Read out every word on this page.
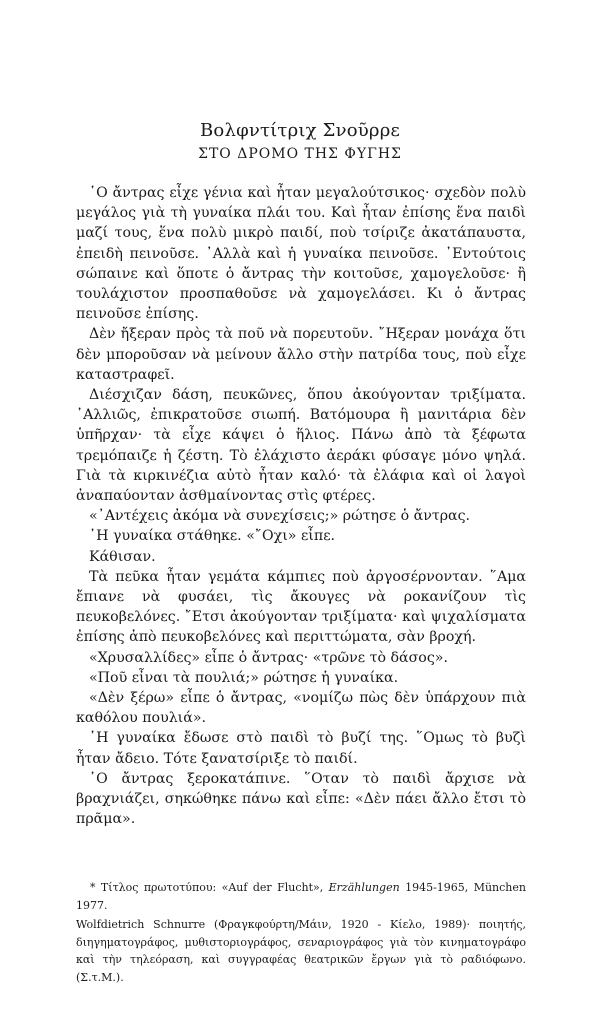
Βολφντίτριχ Σνοῦρρε
ΣΤΟ ΔΡΟΜΟ ΤΗΣ ΦΥΓΗΣ

῾Ο ἄντρας εἶχε γένια καὶ ἦταν μεγαλούτσικος· σχεδὸν πολὺ μεγάλος γιὰ τὴ γυναίκα πλάι του. Καὶ ἦταν ἐπίσης ἕνα παιδὶ μαζί τους, ἕνα πολὺ μικρὸ παιδί, ποὺ τσίριζε ἀκατάπαυστα, ἐπειδὴ πεινοῦσε. ᾿Αλλὰ καὶ ἡ γυναίκα πεινοῦσε. ᾿Εντούτοις σώπαινε καὶ ὅποτε ὁ ἄντρας τὴν κοιτοῦσε, χαμογελοῦσε· ἢ τουλάχιστον προσπαθοῦσε νὰ χαμογελάσει. Κι ὁ ἄντρας πεινοῦσε ἐπίσης.

Δὲν ἤξεραν πρὸς τὰ ποῦ νὰ πορευτοῦν. ῎Ηξεραν μονάχα ὅτι δὲν μποροῦσαν νὰ μείνουν ἄλλο στὴν πατρίδα τους, ποὺ εἶχε καταστραφεῖ.

Διέσχιζαν δάση, πευκῶνες, ὅπου ἀκούγονταν τριξίματα. ᾿Αλλιῶς, ἐπικρατοῦσε σιωπή. Βατόμουρα ἢ μανιτάρια δὲν ὑπῆρχαν· τὰ εἶχε κάψει ὁ ἥλιος. Πάνω ἀπὸ τὰ ξέφωτα τρεμόπαιζε ἡ ζέστη. Τὸ ἐλάχιστο ἀεράκι φύσαγε μόνο ψηλά. Γιὰ τὰ κιρκινέζια αὐτὸ ἦταν καλό· τὰ ἐλάφια καὶ οἱ λαγοὶ ἀναπαύονταν ἀσθμαίνοντας στὶς φτέρες.

«᾿Αντέχεις ἀκόμα νὰ συνεχίσεις;» ρώτησε ὁ ἄντρας.

῾Η γυναίκα στάθηκε. «῎Οχι» εἶπε.

Κάθισαν.

Τὰ πεῦκα ἦταν γεμάτα κάμπιες ποὺ ἀργοσέρνονταν. ῞Αμα ἔπιανε νὰ φυσάει, τὶς ἄκουγες νὰ ροκανίζουν τὶς πευκοβελόνες. ῎Ετσι ἀκούγονταν τριξίματα· καὶ ψιχαλίσματα ἐπίσης ἀπὸ πευκοβελόνες καὶ περιττώματα, σὰν βροχή.

«Χρυσαλλίδες» εἶπε ὁ ἄντρας· «τρῶνε τὸ δάσος».

«Ποῦ εἶναι τὰ πουλιά;» ρώτησε ἡ γυναίκα.

«Δὲν ξέρω» εἶπε ὁ ἄντρας, «νομίζω πὼς δὲν ὑπάρχουν πιὰ καθόλου πουλιά».

῾Η γυναίκα ἔδωσε στὸ παιδὶ τὸ βυζί της. ῞Ομως τὸ βυζὶ ἦταν ἄδειο. Τότε ξανατσίριξε τὸ παιδί.

῾Ο ἄντρας ξεροκατάπινε. ῞Οταν τὸ παιδὶ ἄρχισε νὰ βραχνιάζει, σηκώθηκε πάνω καὶ εἶπε: «Δὲν πάει ἄλλο ἔτσι τὸ πρᾶμα».

* Τίτλος πρωτοτύπου: «Auf der Flucht», Erzählungen 1945-1965, München 1977.

Wolfdietrich Schnurre (Φραγκφούρτη/Μάιν, 1920 - Κίελο, 1989)· ποιητής, διηγηματογράφος, μυθιστοριογράφος, σεναριογράφος γιὰ τὸν κινηματογράφο καὶ τὴν τηλεόραση, καὶ συγγραφέας θεατρικῶν ἔργων γιὰ τὸ ραδιόφωνο. (Σ.τ.Μ.).
